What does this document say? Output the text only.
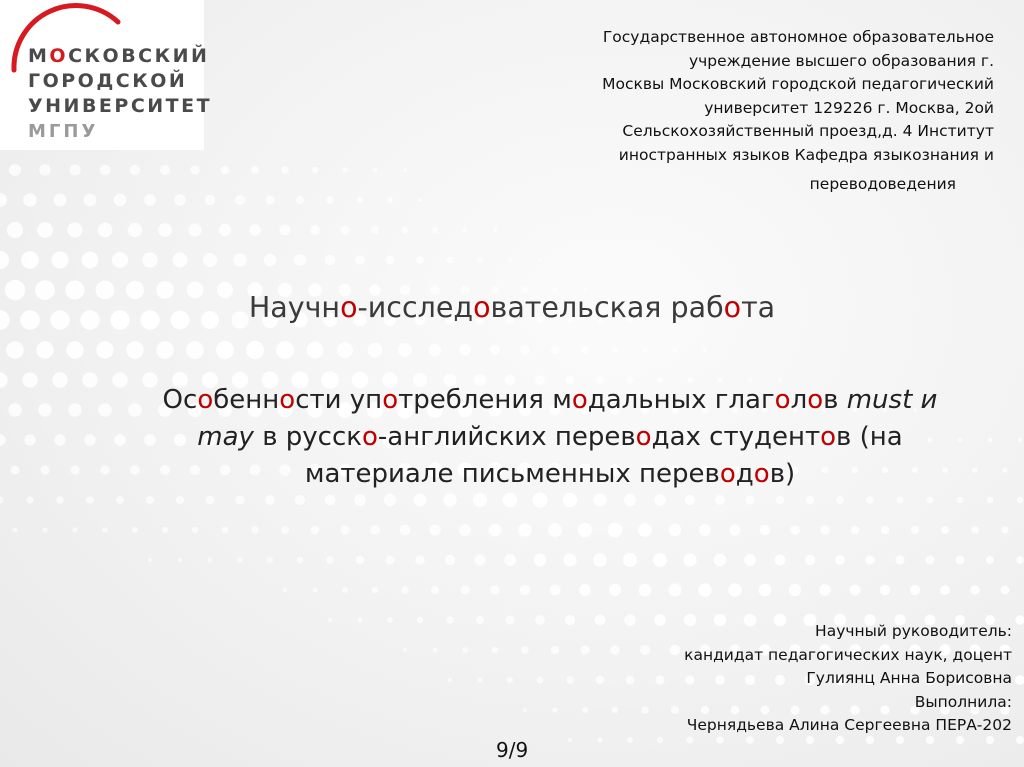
МОСКОВСКИЙ
ГОРОДСКОЙ
УНИВЕРСИТЕТ
МГПУ
Государственное автономное образовательное
учреждение высшего образования г.
Москвы Московский городской педагогический
университет 129226 г. Москва, 2ой
Сельскохозяйственный проезд,д. 4 Институт
иностранных языков Кафедра языкознания и
переводоведения
Научно-исследовательская работа
Особенности употребления модальных глаголов must и
may в русско-английских переводах студентов (на
материале письменных переводов)
Научный руководитель:
кандидат педагогических наук, доцент
Гулиянц Анна Борисовна
Выполнила:
Чернядьева Алина Сергеевна ПЕРА-202
9/9
